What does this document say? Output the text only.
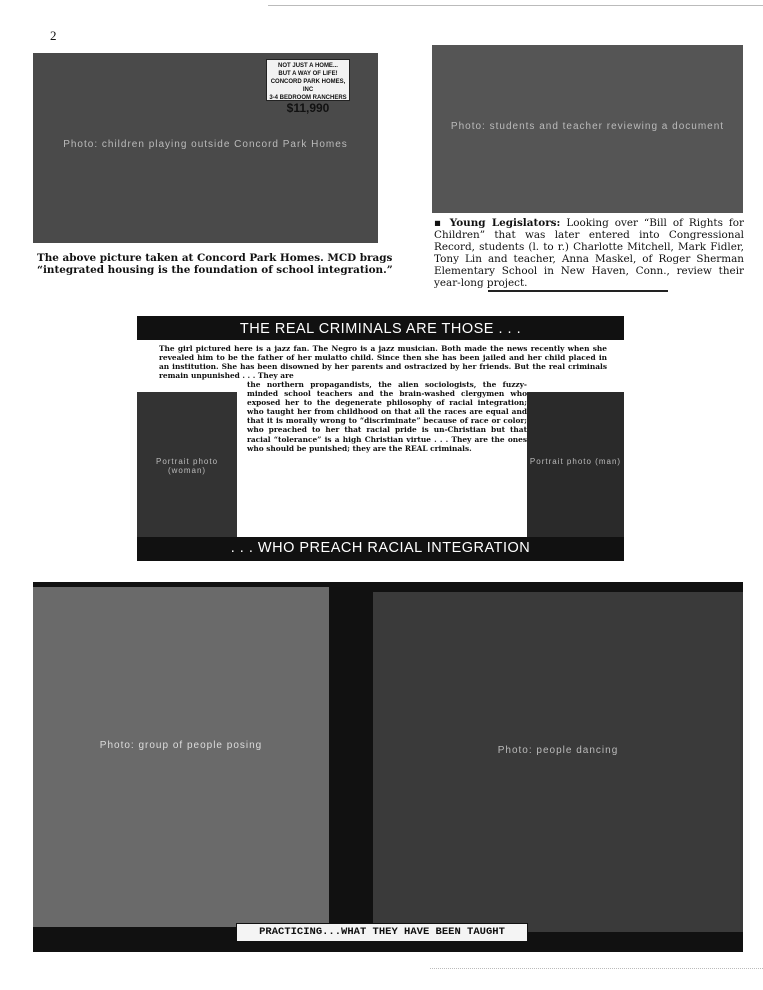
2
Photo: children playing outside Concord Park Homes
NOT JUST A HOME...
BUT A WAY OF LIFE!
CONCORD PARK HOMES, INC
3-4 BEDROOM RANCHERS
$11,990
The above picture taken at Concord Park Homes. MCD brags “integrated housing is the foundation of school integration.”
Photo: students and teacher reviewing a document
▪ Young Legislators: Looking over “Bill of Rights for Children” that was later entered into Congressional Record, students (l. to r.) Charlotte Mitchell, Mark Fidler, Tony Lin and teacher, Anna Maskel, of Roger Sherman Elementary School in New Haven, Conn., review their year-long project.
THE REAL CRIMINALS ARE THOSE . . .
The girl pictured here is a jazz fan. The Negro is a jazz musician. Both made the news recently when she revealed him to be the father of her mulatto child. Since then she has been jailed and her child placed in an institution. She has been disowned by her parents and ostracized by her friends. But the real criminals remain unpunished . . . They are
Portrait photo (woman)
the northern propagandists, the alien sociologists, the fuzzy-minded school teachers and the brain-washed clergymen who exposed her to the degenerate philosophy of racial integration; who taught her from childhood on that all the races are equal and that it is morally wrong to “discriminate” because of race or color; who preached to her that racial pride is un-Christian but that racial “tolerance” is a high Christian virtue . . . They are the ones who should be punished; they are the REAL criminals.
Portrait photo (man)
. . . WHO PREACH RACIAL INTEGRATION
Photo: group of people posing	Photo: people dancing
PRACTICING...WHAT THEY HAVE BEEN TAUGHT
